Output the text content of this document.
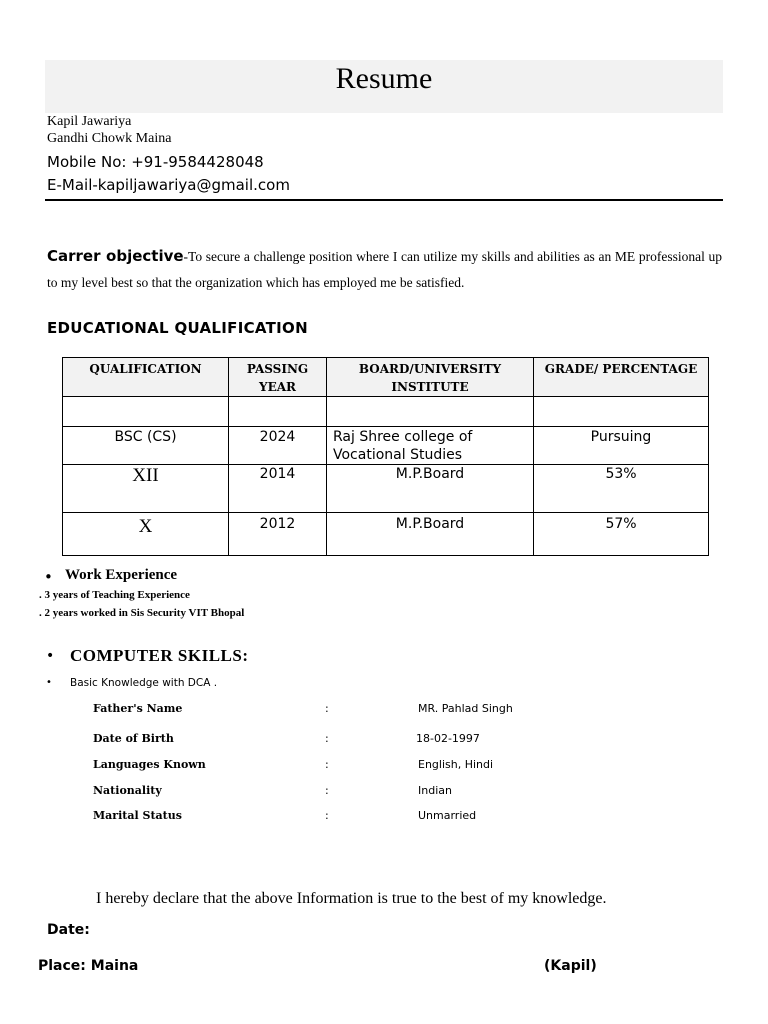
Resume
Kapil Jawariya
Gandhi Chowk Maina
Mobile No: +91-9584428048
E-Mail-kapiljawariya@gmail.com
Carrer objective-To secure a challenge position where I can utilize my skills and abilities as an ME professional up to my level best so that the organization which has employed me be satisfied.
EDUCATIONAL QUALIFICATION
QUALIFICATION	PASSING YEAR	BOARD/UNIVERSITY INSTITUTE	GRADE/ PERCENTAGE

BSC (CS)	2024	Raj Shree college of Vocational Studies	Pursuing
XII	2014	M.P.Board	53%
X	2012	M.P.Board	57%
• Work Experience
. 3 years of Teaching Experience
. 2 years worked in Sis Security VIT Bhopal
• COMPUTER SKILLS:
• Basic Knowledge with DCA .
Father's Name	:	MR. Pahlad Singh
Date of Birth	:	18-02-1997
Languages Known	:	English, Hindi
Nationality	:	Indian
Marital Status	:	Unmarried
I hereby declare that the above Information is true to the best of my knowledge.
Date:
Place: Maina	(Kapil)
